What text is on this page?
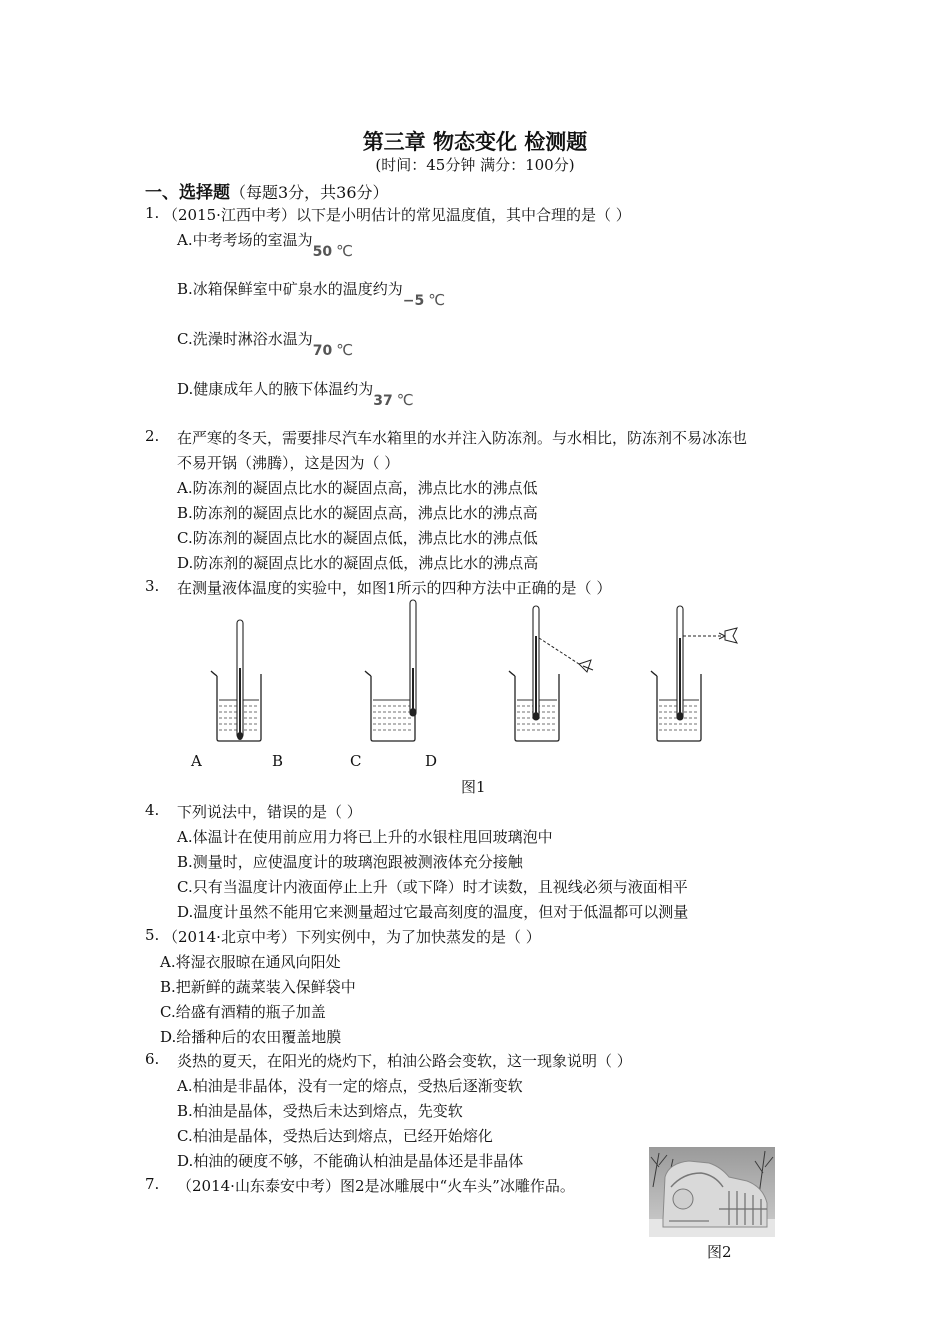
第三章 物态变化 检测题
(时间：45分钟 满分：100分)
一、选择题（每题3分，共36分）
1. （2015·江西中考）以下是小明估计的常见温度值，其中合理的是（ ）
A.中考考场的室温为50 ℃
B.冰箱保鲜室中矿泉水的温度约为−5 ℃
C.洗澡时淋浴水温为70 ℃
D.健康成年人的腋下体温约为37 ℃
2. 在严寒的冬天，需要排尽汽车水箱里的水并注入防冻剂。与水相比，防冻剂不易冰冻也
不易开锅（沸腾），这是因为（ ）
A.防冻剂的凝固点比水的凝固点高，沸点比水的沸点低
B.防冻剂的凝固点比水的凝固点高，沸点比水的沸点高
C.防冻剂的凝固点比水的凝固点低，沸点比水的沸点低
D.防冻剂的凝固点比水的凝固点低，沸点比水的沸点高
3. 在测量液体温度的实验中，如图1所示的四种方法中正确的是（ ）
A	B	C	D
图1
4. 下列说法中，错误的是（ ）
A.体温计在使用前应用力将已上升的水银柱甩回玻璃泡中
B.测量时，应使温度计的玻璃泡跟被测液体充分接触
C.只有当温度计内液面停止上升（或下降）时才读数，且视线必须与液面相平
D.温度计虽然不能用它来测量超过它最高刻度的温度，但对于低温都可以测量
5. （2014·北京中考）下列实例中，为了加快蒸发的是（ ）
A.将湿衣服晾在通风向阳处
B.把新鲜的蔬菜装入保鲜袋中
C.给盛有酒精的瓶子加盖
D.给播种后的农田覆盖地膜
6. 炎热的夏天，在阳光的烧灼下，柏油公路会变软，这一现象说明（ ）
A.柏油是非晶体，没有一定的熔点，受热后逐渐变软
B.柏油是晶体，受热后未达到熔点，先变软
C.柏油是晶体，受热后达到熔点，已经开始熔化
D.柏油的硬度不够，不能确认柏油是晶体还是非晶体
7. （2014·山东泰安中考）图2是冰雕展中“火车头”冰雕作品。
图2
